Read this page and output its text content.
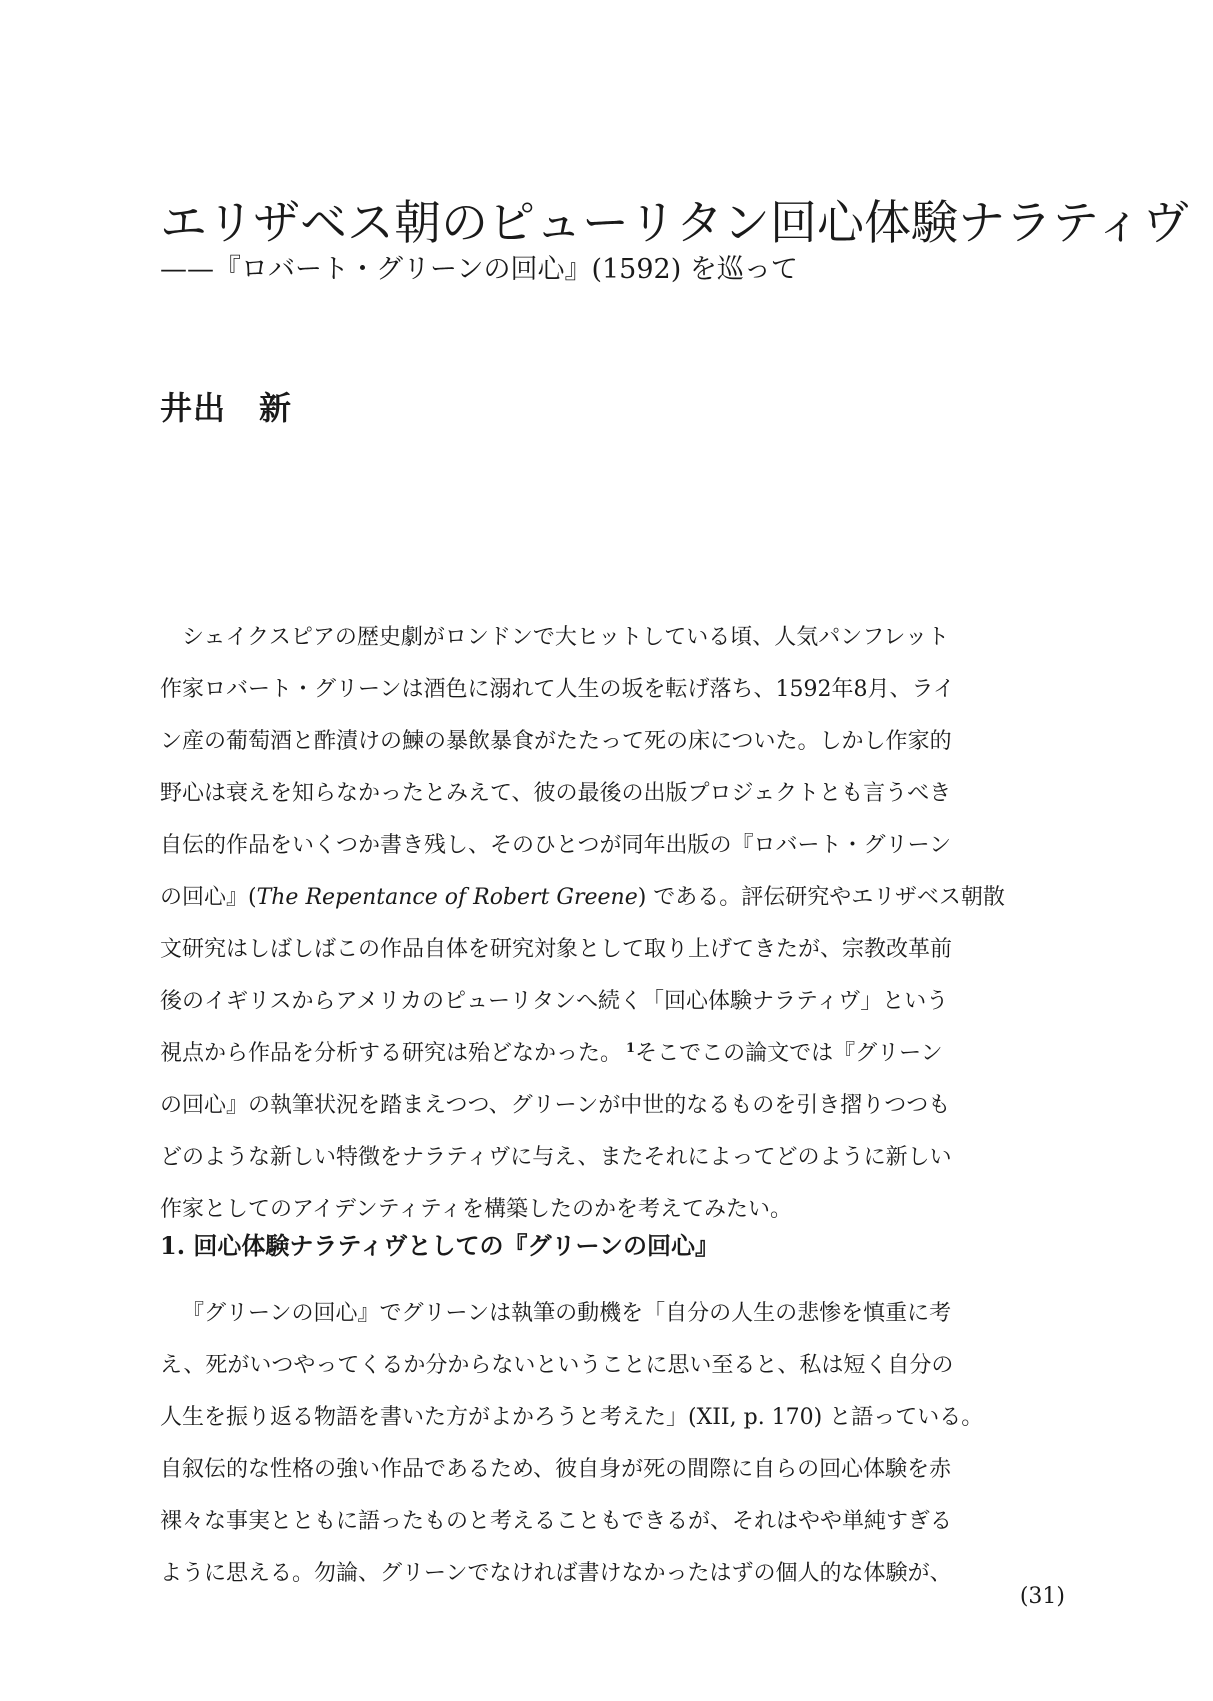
エリザベス朝のピューリタン回心体験ナラティヴ
——『ロバート・グリーンの回心』(1592) を巡って
井出　新

シェイクスピアの歴史劇がロンドンで大ヒットしている頃、人気パンフレット

作家ロバート・グリーンは酒色に溺れて人生の坂を転げ落ち、1592年8月、ライ

ン産の葡萄酒と酢漬けの鰊の暴飲暴食がたたって死の床についた。しかし作家的

野心は衰えを知らなかったとみえて、彼の最後の出版プロジェクトとも言うべき

自伝的作品をいくつか書き残し、そのひとつが同年出版の『ロバート・グリーン

の回心』(The Repentance of Robert Greene) である。評伝研究やエリザベス朝散

文研究はしばしばこの作品自体を研究対象として取り上げてきたが、宗教改革前

後のイギリスからアメリカのピューリタンへ続く「回心体験ナラティヴ」という

視点から作品を分析する研究は殆どなかった。 $^1$そこでこの論文では『グリーン

の回心』の執筆状況を踏まえつつ、グリーンが中世的なるものを引き摺りつつも

どのような新しい特徴をナラティヴに与え、またそれによってどのように新しい

作家としてのアイデンティティを構築したのかを考えてみたい。

1. 回心体験ナラティヴとしての『グリーンの回心』

『グリーンの回心』でグリーンは執筆の動機を「自分の人生の悲惨を慎重に考

え、死がいつやってくるか分からないということに思い至ると、私は短く自分の

人生を振り返る物語を書いた方がよかろうと考えた」(XII, p. 170) と語っている。

自叙伝的な性格の強い作品であるため、彼自身が死の間際に自らの回心体験を赤

裸々な事実とともに語ったものと考えることもできるが、それはやや単純すぎる

ように思える。勿論、グリーンでなければ書けなかったはずの個人的な体験が、

(31)
